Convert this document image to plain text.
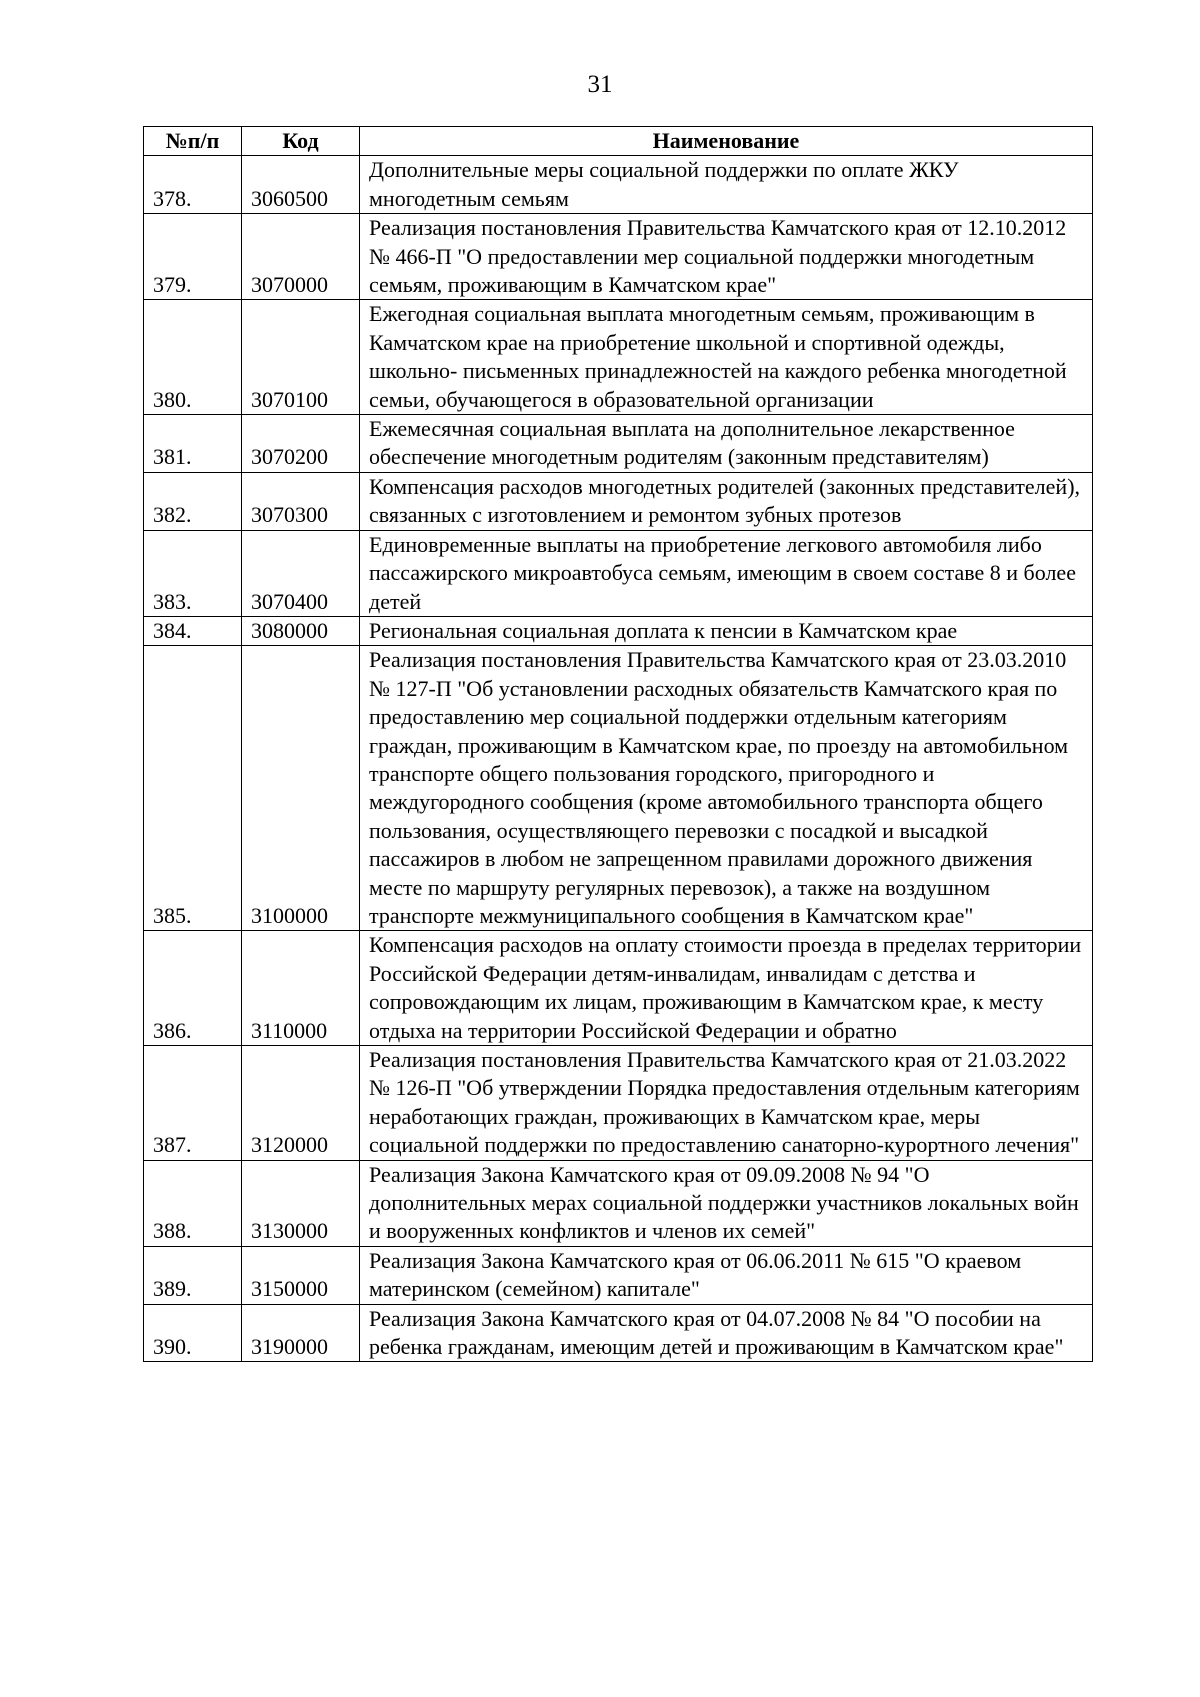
31
№п/п	Код	Наименование
378.	3060500	Дополнительные меры социальной поддержки по оплате ЖКУ многодетным семьям
379.	3070000	Реализация постановления Правительства Камчатского края от 12.10.2012 № 466-П "О предоставлении мер социальной поддержки многодетным семьям, проживающим в Камчатском крае"
380.	3070100	Ежегодная социальная выплата многодетным семьям, проживающим в Камчатском крае на приобретение школьной и спортивной одежды, школьно- письменных принадлежностей на каждого ребенка многодетной семьи, обучающегося в образовательной организации
381.	3070200	Ежемесячная социальная выплата на дополнительное лекарственное обеспечение многодетным родителям (законным представителям)
382.	3070300	Компенсация расходов многодетных родителей (законных представителей), связанных с изготовлением и ремонтом зубных протезов
383.	3070400	Единовременные выплаты на приобретение легкового автомобиля либо пассажирского микроавтобуса семьям, имеющим в своем составе 8 и более детей
384.	3080000	Региональная социальная доплата к пенсии в Камчатском крае
385.	3100000	Реализация постановления Правительства Камчатского края от 23.03.2010 № 127-П "Об установлении расходных обязательств Камчатского края по предоставлению мер социальной поддержки отдельным категориям граждан, проживающим в Камчатском крае, по проезду на автомобильном транспорте общего пользования городского, пригородного и междугородного сообщения (кроме автомобильного транспорта общего пользования, осуществляющего перевозки с посадкой и высадкой пассажиров в любом не запрещенном правилами дорожного движения месте по маршруту регулярных перевозок), а также на воздушном транспорте межмуниципального сообщения в Камчатском крае"
386.	3110000	Компенсация расходов на оплату стоимости проезда в пределах территории Российской Федерации детям-инвалидам, инвалидам с детства и сопровождающим их лицам, проживающим в Камчатском крае, к месту отдыха на территории Российской Федерации и обратно
387.	3120000	Реализация постановления Правительства Камчатского края от 21.03.2022 № 126-П "Об утверждении Порядка предоставления отдельным категориям неработающих граждан, проживающих в Камчатском крае, меры социальной поддержки по предоставлению санаторно-курортного лечения"
388.	3130000	Реализация Закона Камчатского края от 09.09.2008 № 94 "О дополнительных мерах социальной поддержки участников локальных войн и вооруженных конфликтов и членов их семей"
389.	3150000	Реализация Закона Камчатского края от 06.06.2011 № 615 "О краевом материнском (семейном) капитале"
390.	3190000	Реализация Закона Камчатского края от 04.07.2008 № 84 "О пособии на ребенка гражданам, имеющим детей и проживающим в Камчатском крае"
